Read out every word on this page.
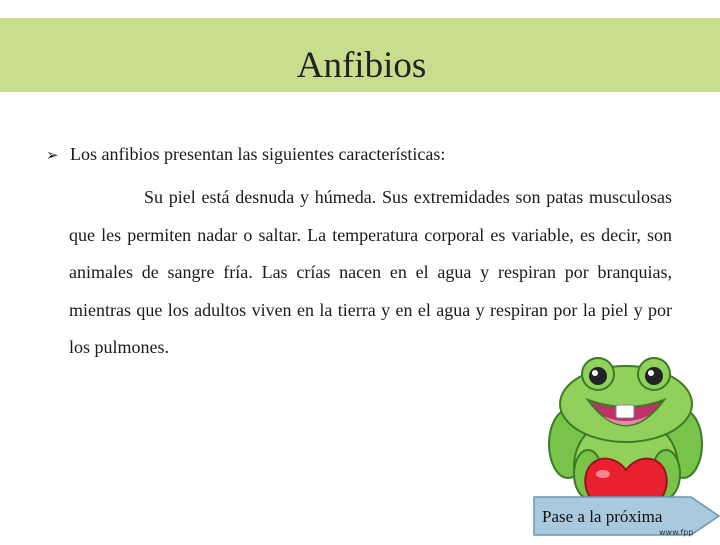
Anfibios
➢ Los anfibios presentan las siguientes características:
Su piel está desnuda y húmeda. Sus extremidades son patas musculosas que les permiten nadar o saltar. La temperatura corporal es variable, es decir, son animales de sangre fría. Las crías nacen en el agua y respiran por branquias, mientras que los adultos viven en la tierra y en el agua y respiran por la piel y por los pulmones.
Pase a la próxima
www.fpp
